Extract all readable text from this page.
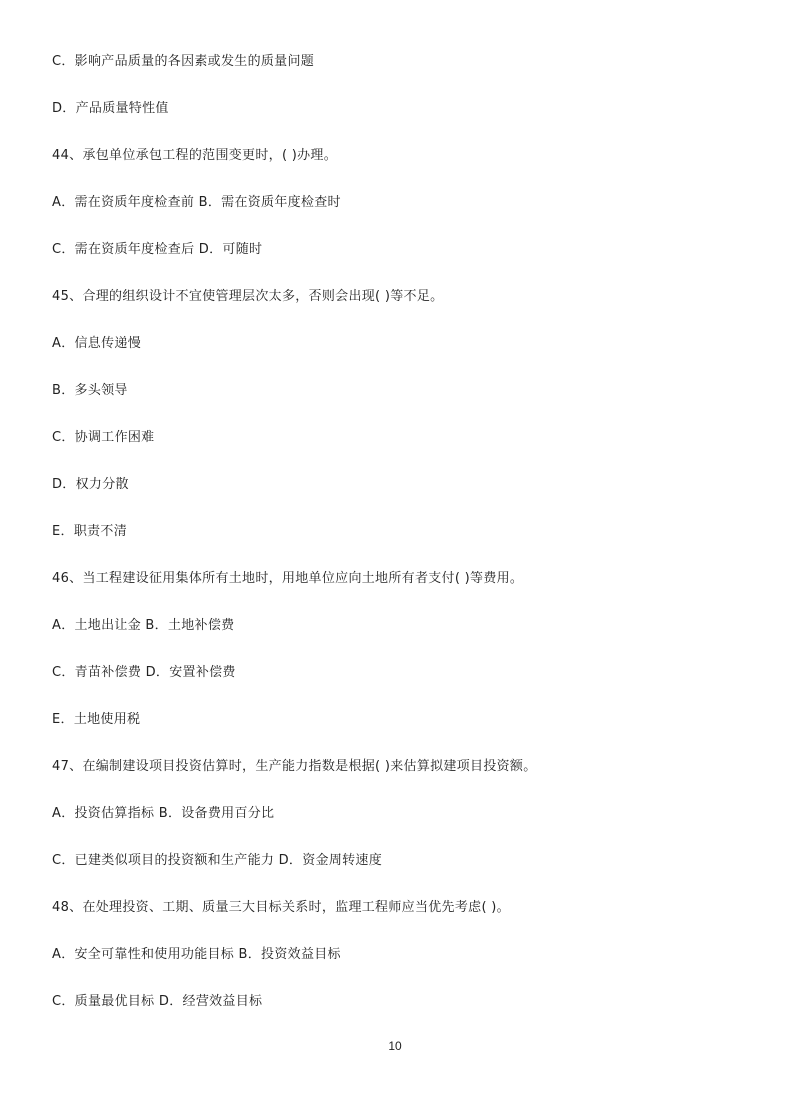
C．影响产品质量的各因素或发生的质量问题
D．产品质量特性值
44、承包单位承包工程的范围变更时，( )办理。
A．需在资质年度检查前 B．需在资质年度检查时
C．需在资质年度检查后 D．可随时
45、合理的组织设计不宜使管理层次太多，否则会出现( )等不足。
A．信息传递慢
B．多头领导
C．协调工作困难
D．权力分散
E．职责不清
46、当工程建设征用集体所有土地时，用地单位应向土地所有者支付( )等费用。
A．土地出让金 B．土地补偿费
C．青苗补偿费 D．安置补偿费
E．土地使用税
47、在编制建设项目投资估算时，生产能力指数是根据( )来估算拟建项目投资额。
A．投资估算指标 B．设备费用百分比
C．已建类似项目的投资额和生产能力 D．资金周转速度
48、在处理投资、工期、质量三大目标关系时，监理工程师应当优先考虑( )。
A．安全可靠性和使用功能目标 B．投资效益目标
C．质量最优目标 D．经营效益目标
10
